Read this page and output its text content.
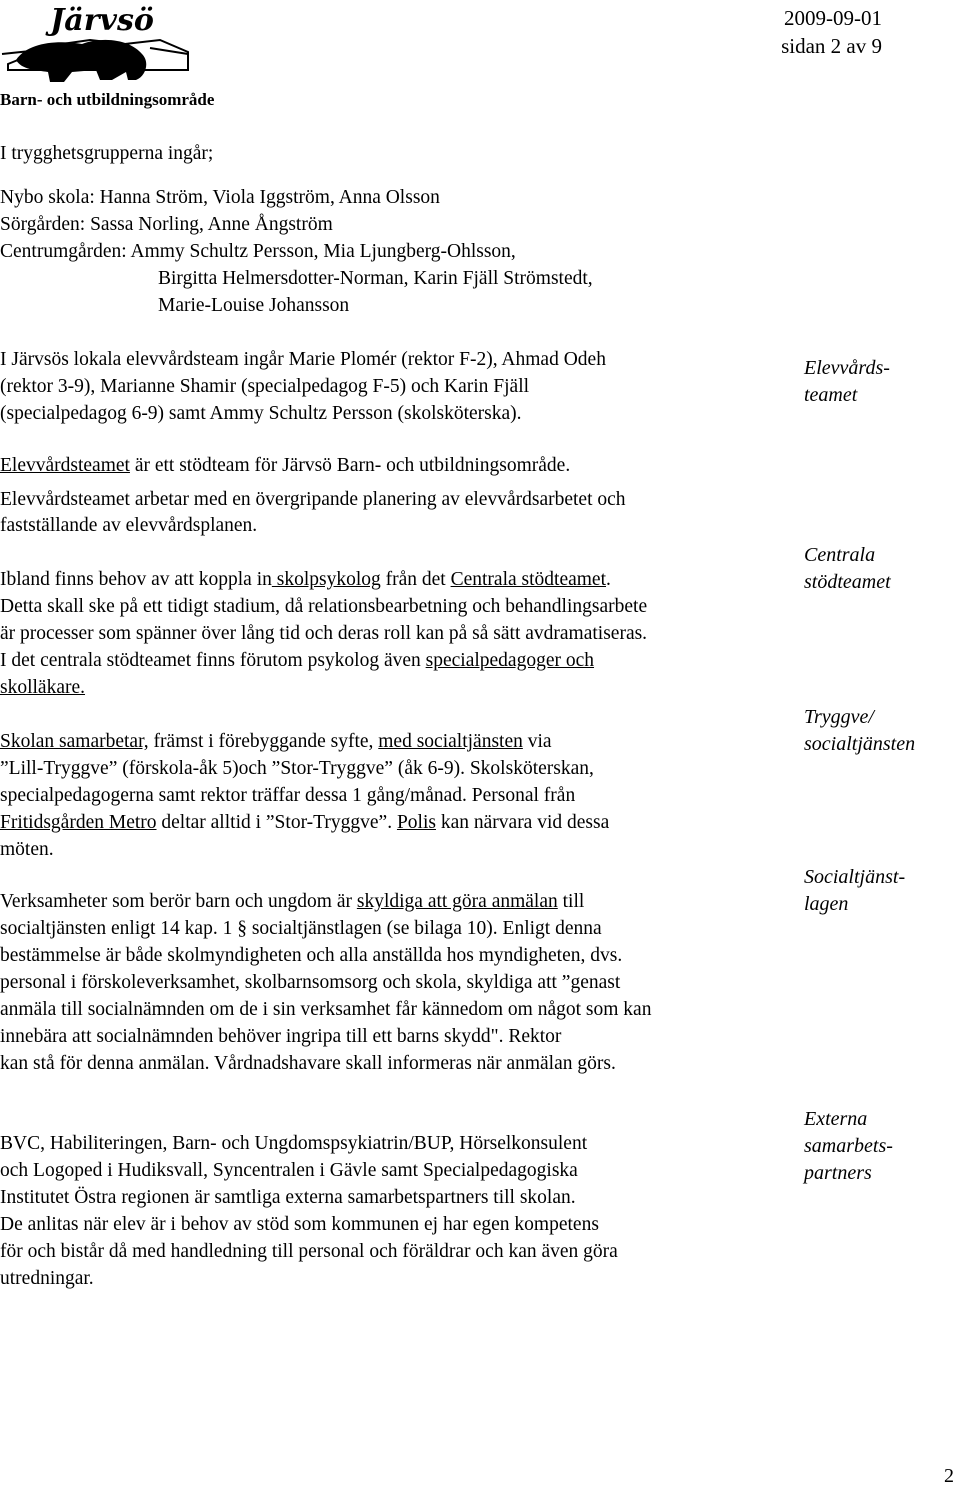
Järvsö	2009-09-01
sidan 2 av 9
Barn- och utbildningsområde
I trygghetsgrupperna ingår;
Nybo skola: Hanna Ström, Viola Iggström, Anna Olsson
Sörgården: Sassa Norling, Anne Ångström
Centrumgården: Ammy Schultz Persson, Mia Ljungberg-Ohlsson,
Birgitta Helmersdotter-Norman, Karin Fjäll Strömstedt,
Marie-Louise Johansson
I Järvsös lokala elevvårdsteam ingår Marie Plomér (rektor F-2), Ahmad Odeh
(rektor 3-9), Marianne Shamir (specialpedagog F-5) och Karin Fjäll
(specialpedagog 6-9) samt Ammy Schultz Persson (skolsköterska).
Elevvårdsteamet är ett stödteam för Järvsö Barn- och utbildningsområde.
Elevvårdsteamet arbetar med en övergripande planering av elevvårdsarbetet och
fastställande av elevvårdsplanen.
Ibland finns behov av att koppla in skolpsykolog från det Centrala stödteamet.
Detta skall ske på ett tidigt stadium, då relationsbearbetning och behandlingsarbete
är processer som spänner över lång tid och deras roll kan på så sätt avdramatiseras.
I det centrala stödteamet finns förutom psykolog även specialpedagoger och
skolläkare.
Skolan samarbetar, främst i förebyggande syfte, med socialtjänsten via
”Lill-Tryggve” (förskola-åk 5)och ”Stor-Tryggve” (åk 6-9). Skolsköterskan,
specialpedagogerna samt rektor träffar dessa 1 gång/månad. Personal från
Fritidsgården Metro deltar alltid i ”Stor-Tryggve”. Polis kan närvara vid dessa
möten.
Verksamheter som berör barn och ungdom är skyldiga att göra anmälan till
socialtjänsten enligt 14 kap. 1 § socialtjänstlagen (se bilaga 10). Enligt denna
bestämmelse är både skolmyndigheten och alla anställda hos myndigheten, dvs.
personal i förskoleverksamhet, skolbarnsomsorg och skola, skyldiga att ”genast
anmäla till socialnämnden om de i sin verksamhet får kännedom om något som kan
innebära att socialnämnden behöver ingripa till ett barns skydd". Rektor
kan stå för denna anmälan. Vårdnadshavare skall informeras när anmälan görs.
BVC, Habiliteringen, Barn- och Ungdomspsykiatrin/BUP, Hörselkonsulent
och Logoped i Hudiksvall, Syncentralen i Gävle samt Specialpedagogiska
Institutet Östra regionen är samtliga externa samarbetspartners till skolan.
De anlitas när elev är i behov av stöd som kommunen ej har egen kompetens
för och bistår då med handledning till personal och föräldrar och kan även göra
utredningar.
Elevvårds-
teamet
Centrala
stödteamet
Tryggve/
socialtjänsten
Socialtjänst-
lagen
Externa
samarbets-
partners
2
